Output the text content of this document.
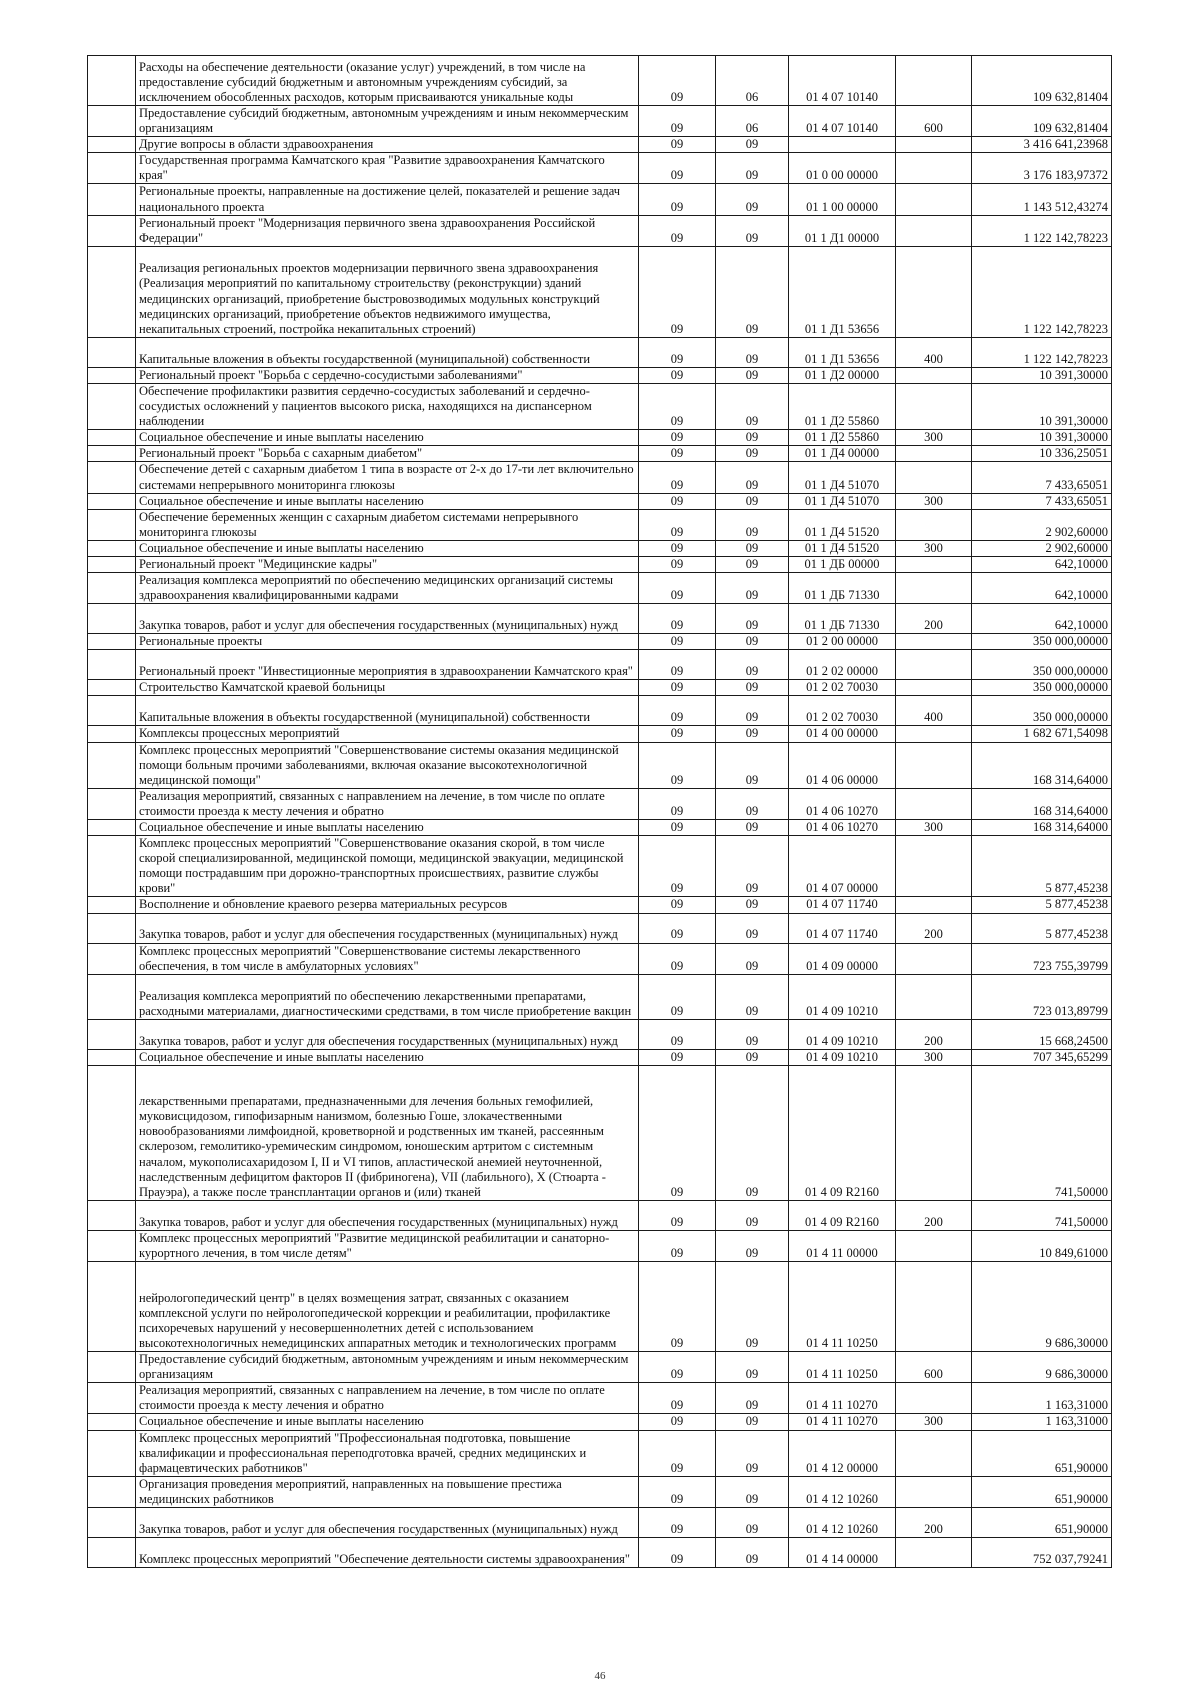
	Расходы на обеспечение деятельности (оказание услуг) учреждений, в том числе на предоставление субсидий бюджетным и автономным учреждениям субсидий, за исключением обособленных расходов, которым присваиваются уникальные коды	09	06	01 4 07 10140		109 632,81404
	Предоставление субсидий бюджетным, автономным учреждениям и иным некоммерческим организациям	09	06	01 4 07 10140	600	109 632,81404
	Другие вопросы в области здравоохранения	09	09			3 416 641,23968
	Государственная программа Камчатского края "Развитие здравоохранения Камчатского края"	09	09	01 0 00 00000		3 176 183,97372
	Региональные проекты, направленные на достижение целей, показателей и решение задач национального проекта	09	09	01 1 00 00000		1 143 512,43274
	Региональный проект "Модернизация первичного звена здравоохранения Российской Федерации"	09	09	01 1 Д1 00000		1 122 142,78223
	Реализация региональных проектов модернизации первичного звена здравоохранения (Реализация мероприятий по капитальному строительству (реконструкции) зданий медицинских организаций, приобретение быстровозводимых модульных конструкций медицинских организаций, приобретение объектов недвижимого имущества, некапитальных строений, постройка некапитальных строений)	09	09	01 1 Д1 53656		1 122 142,78223
	Капитальные вложения в объекты государственной (муниципальной) собственности	09	09	01 1 Д1 53656	400	1 122 142,78223
	Региональный проект "Борьба с сердечно-сосудистыми заболеваниями"	09	09	01 1 Д2 00000		10 391,30000
	Обеспечение профилактики развития сердечно-сосудистых заболеваний и сердечно-сосудистых осложнений у пациентов высокого риска, находящихся на диспансерном наблюдении	09	09	01 1 Д2 55860		10 391,30000
	Социальное обеспечение и иные выплаты населению	09	09	01 1 Д2 55860	300	10 391,30000
	Региональный проект "Борьба с сахарным диабетом"	09	09	01 1 Д4 00000		10 336,25051
	Обеспечение детей с сахарным диабетом 1 типа в возрасте от 2-х до 17-ти лет включительно системами непрерывного мониторинга глюкозы	09	09	01 1 Д4 51070		7 433,65051
	Социальное обеспечение и иные выплаты населению	09	09	01 1 Д4 51070	300	7 433,65051
	Обеспечение беременных женщин с сахарным диабетом системами непрерывного мониторинга глюкозы	09	09	01 1 Д4 51520		2 902,60000
	Социальное обеспечение и иные выплаты населению	09	09	01 1 Д4 51520	300	2 902,60000
	Региональный проект "Медицинские кадры"	09	09	01 1 ДБ 00000		642,10000
	Реализация комплекса мероприятий по обеспечению медицинских организаций системы здравоохранения квалифицированными кадрами	09	09	01 1 ДБ 71330		642,10000
	Закупка товаров, работ и услуг для обеспечения государственных (муниципальных) нужд	09	09	01 1 ДБ 71330	200	642,10000
	Региональные проекты	09	09	01 2 00 00000		350 000,00000
	Региональный проект "Инвестиционные мероприятия в здравоохранении Камчатского края"	09	09	01 2 02 00000		350 000,00000
	Строительство Камчатской краевой больницы	09	09	01 2 02 70030		350 000,00000
	Капитальные вложения в объекты государственной (муниципальной) собственности	09	09	01 2 02 70030	400	350 000,00000
	Комплексы процессных мероприятий	09	09	01 4 00 00000		1 682 671,54098
	Комплекс процессных мероприятий "Совершенствование системы оказания медицинской помощи больным прочими заболеваниями, включая оказание высокотехнологичной медицинской помощи"	09	09	01 4 06 00000		168 314,64000
	Реализация мероприятий, связанных с направлением на лечение, в том числе по оплате стоимости проезда к месту лечения и обратно	09	09	01 4 06 10270		168 314,64000
	Социальное обеспечение и иные выплаты населению	09	09	01 4 06 10270	300	168 314,64000
	Комплекс процессных мероприятий "Совершенствование оказания скорой, в том числе скорой специализированной, медицинской помощи, медицинской эвакуации, медицинской помощи пострадавшим при дорожно-транспортных происшествиях, развитие службы крови"	09	09	01 4 07 00000		5 877,45238
	Восполнение и обновление краевого резерва материальных ресурсов	09	09	01 4 07 11740		5 877,45238
	Закупка товаров, работ и услуг для обеспечения государственных (муниципальных) нужд	09	09	01 4 07 11740	200	5 877,45238
	Комплекс процессных мероприятий "Совершенствование системы лекарственного обеспечения, в том числе в амбулаторных условиях"	09	09	01 4 09 00000		723 755,39799
	Реализация комплекса мероприятий по обеспечению лекарственными препаратами, расходными материалами, диагностическими средствами, в том числе приобретение вакцин	09	09	01 4 09 10210		723 013,89799
	Закупка товаров, работ и услуг для обеспечения государственных (муниципальных) нужд	09	09	01 4 09 10210	200	15 668,24500
	Социальное обеспечение и иные выплаты населению	09	09	01 4 09 10210	300	707 345,65299
	лекарственными препаратами, предназначенными для лечения больных гемофилией, муковисцидозом, гипофизарным нанизмом, болезнью Гоше, злокачественными новообразованиями лимфоидной, кроветворной и родственных им тканей, рассеянным склерозом, гемолитико-уремическим синдромом, юношеским артритом с системным началом, мукополисахаридозом I, II и VI типов, апластической анемией неуточненной, наследственным дефицитом факторов II (фибриногена), VII (лабильного), X (Стюарта - Прауэра), а также после трансплантации органов и (или) тканей	09	09	01 4 09 R2160		741,50000
	Закупка товаров, работ и услуг для обеспечения государственных (муниципальных) нужд	09	09	01 4 09 R2160	200	741,50000
	Комплекс процессных мероприятий "Развитие медицинской реабилитации и санаторно-курортного лечения, в том числе детям"	09	09	01 4 11 00000		10 849,61000
	нейрологопедический центр" в целях возмещения затрат, связанных с оказанием комплексной услуги по нейрологопедической коррекции и реабилитации, профилактике психоречевых нарушений у несовершеннолетних детей с использованием высокотехнологичных немедицинских аппаратных методик и технологических программ	09	09	01 4 11 10250		9 686,30000
	Предоставление субсидий бюджетным, автономным учреждениям и иным некоммерческим организациям	09	09	01 4 11 10250	600	9 686,30000
	Реализация мероприятий, связанных с направлением на лечение, в том числе по оплате стоимости проезда к месту лечения и обратно	09	09	01 4 11 10270		1 163,31000
	Социальное обеспечение и иные выплаты населению	09	09	01 4 11 10270	300	1 163,31000
	Комплекс процессных мероприятий "Профессиональная подготовка, повышение квалификации и профессиональная переподготовка врачей, средних медицинских и фармацевтических работников"	09	09	01 4 12 00000		651,90000
	Организация проведения мероприятий, направленных на повышение престижа медицинских работников	09	09	01 4 12 10260		651,90000
	Закупка товаров, работ и услуг для обеспечения государственных (муниципальных) нужд	09	09	01 4 12 10260	200	651,90000
	Комплекс процессных мероприятий "Обеспечение деятельности системы здравоохранения"	09	09	01 4 14 00000		752 037,79241
46
